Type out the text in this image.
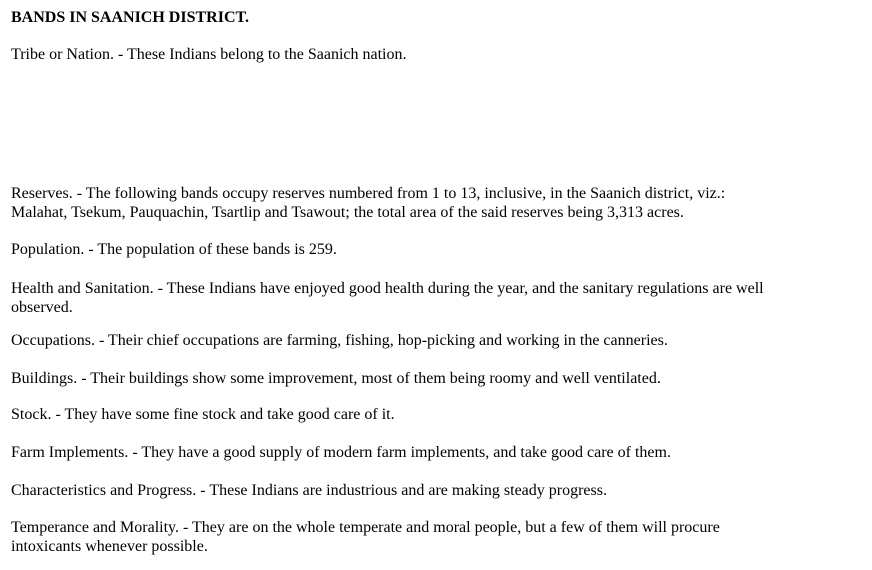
BANDS IN SAANICH DISTRICT.

Tribe or Nation. - These Indians belong to the Saanich nation.

Reserves. - The following bands occupy reserves numbered from 1 to 13, inclusive, in the Saanich district, viz.:
Malahat, Tsekum, Pauquachin, Tsartlip and Tsawout; the total area of the said reserves being 3,313 acres.

Population. - The population of these bands is 259.

Health and Sanitation. - These Indians have enjoyed good health during the year, and the sanitary regulations are well
observed.

Occupations. - Their chief occupations are farming, fishing, hop-picking and working in the canneries.

Buildings. - Their buildings show some improvement, most of them being roomy and well ventilated.

Stock. - They have some fine stock and take good care of it.

Farm Implements. - They have a good supply of modern farm implements, and take good care of them.

Characteristics and Progress. - These Indians are industrious and are making steady progress.

Temperance and Morality. - They are on the whole temperate and moral people, but a few of them will procure
intoxicants whenever possible.
